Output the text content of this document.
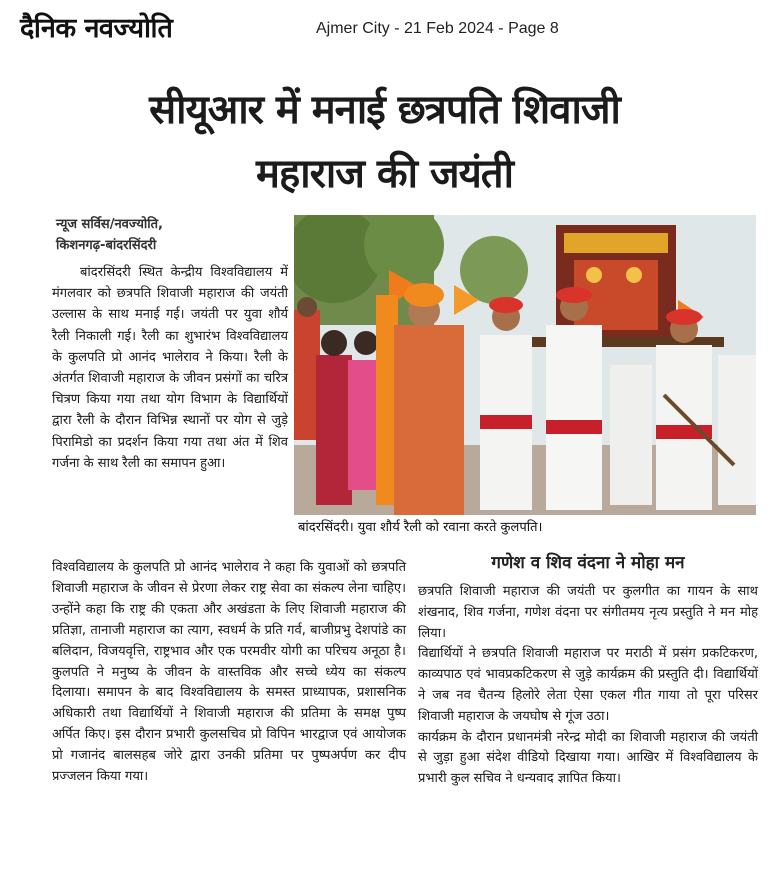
दैनिक नवज्योति	Ajmer City - 21 Feb 2024 - Page 8
सीयूआर में मनाई छत्रपति शिवाजी
महाराज की जयंती
न्यूज सर्विस/नवज्योति,
किशनगढ़-बांदरसिंदरी
बांदरसिंदरी। युवा शौर्य रैली को रवाना करते कुलपति।
बांदरसिंदरी स्थित केन्द्रीय विश्वविद्यालय में मंगलवार को छत्रपति शिवाजी महाराज की जयंती उल्लास के साथ मनाई गई। जयंती पर युवा शौर्य रैली निकाली गई। रैली का शुभारंभ विश्वविद्यालय के कुलपति प्रो आनंद भालेराव ने किया। रैली के अंतर्गत शिवाजी महाराज के जीवन प्रसंगों का चरित्र चित्रण किया गया तथा योग विभाग के विद्यार्थियों द्वारा रैली के दौरान विभिन्न स्थानों पर योग से जुड़े पिरामिडो का प्रदर्शन किया गया तथा अंत में शिव गर्जना के साथ रैली का समापन हुआ।
विश्वविद्यालय के कुलपति प्रो आनंद भालेराव ने कहा कि युवाओं को छत्रपति शिवाजी महाराज के जीवन से प्रेरणा लेकर राष्ट्र सेवा का संकल्प लेना चाहिए। उन्होंने कहा कि राष्ट्र की एकता और अखंडता के लिए शिवाजी महाराज की प्रतिज्ञा, तानाजी महाराज का त्याग, स्वधर्म के प्रति गर्व, बाजीप्रभु देशपांडे का बलिदान, विजयवृत्ति, राष्ट्रभाव और एक परमवीर योगी का परिचय अनूठा है। कुलपति ने मनुष्य के जीवन के वास्तविक और सच्चे ध्येय का संकल्प दिलाया। समापन के बाद विश्वविद्यालय के समस्त प्राध्यापक, प्रशासनिक अधिकारी तथा विद्यार्थियों ने शिवाजी महाराज की प्रतिमा के समक्ष पुष्प अर्पित किए। इस दौरान प्रभारी कुलसचिव प्रो विपिन भारद्वाज एवं आयोजक प्रो गजानंद बालसहब जोरे द्वारा उनकी प्रतिमा पर पुष्पअर्पण कर दीप प्रज्जलन किया गया।
गणेश व शिव वंदना ने मोहा मन
छत्रपति शिवाजी महाराज की जयंती पर कुलगीत का गायन के साथ शंखनाद, शिव गर्जना, गणेश वंदना पर संगीतमय नृत्य प्रस्तुति ने मन मोह लिया।
विद्यार्थियों ने छत्रपति शिवाजी महाराज पर मराठी में प्रसंग प्रकटिकरण, काव्यपाठ एवं भावप्रकटिकरण से जुड़े कार्यक्रम की प्रस्तुति दी। विद्यार्थियों ने जब नव चैतन्य हिलोरे लेता ऐसा एकल गीत गाया तो पूरा परिसर शिवाजी महाराज के जयघोष से गूंज उठा।
कार्यक्रम के दौरान प्रधानमंत्री नरेन्द्र मोदी का शिवाजी महाराज की जयंती से जुड़ा हुआ संदेश वीडियो दिखाया गया। आखिर में विश्वविद्यालय के प्रभारी कुल सचिव ने धन्यवाद ज्ञापित किया।
